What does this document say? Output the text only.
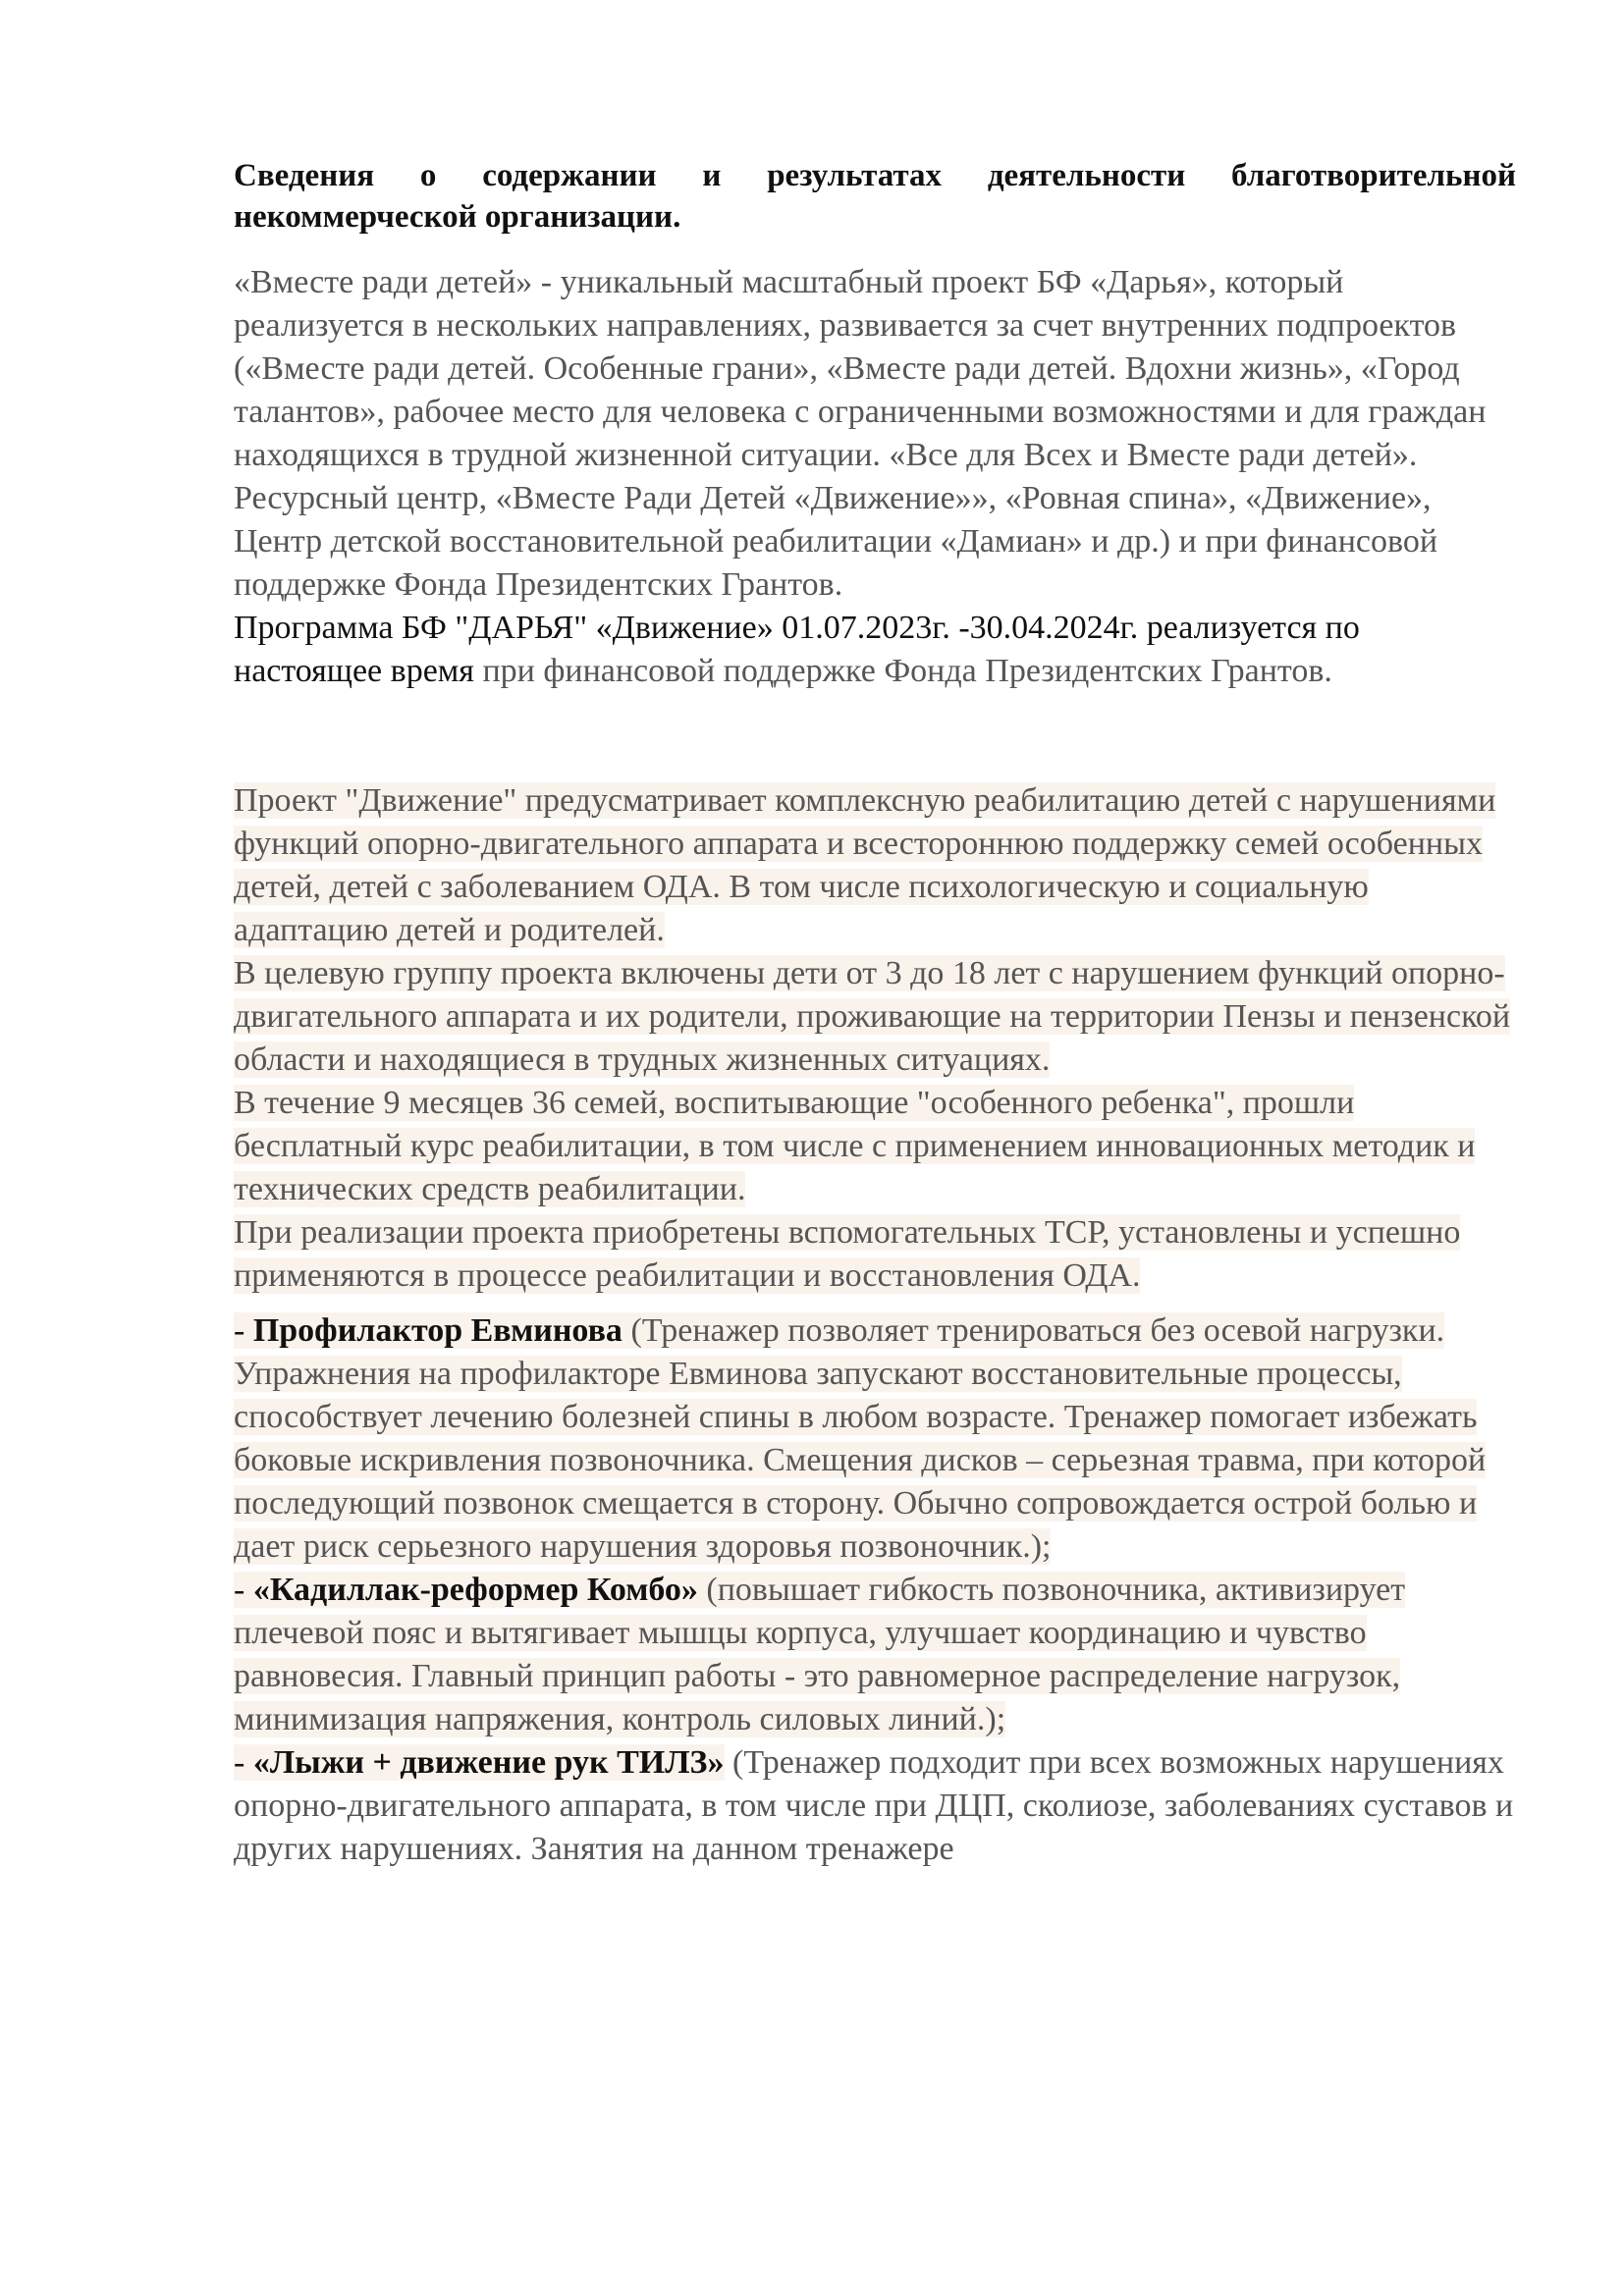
Сведения о содержании и результатах деятельности благотворительной некоммерческой организации.

«Вместе ради детей» - уникальный масштабный проект БФ «Дарья», который реализуется в нескольких направлениях, развивается за счет внутренних подпроектов («Вместе ради детей. Особенные грани», «Вместе ради детей. Вдохни жизнь», «Город талантов», рабочее место для человека с ограниченными возможностями и для граждан находящихся в трудной жизненной ситуации. «Все для Всех и Вместе ради детей». Ресурсный центр, «Вместе Ради Детей «Движение»», «Ровная спина», «Движение», Центр детской восстановительной реабилитации «Дамиан» и др.) и при финансовой поддержке Фонда Президентских Грантов.

Программа БФ "ДАРЬЯ" «Движение» 01.07.2023г. -30.04.2024г. реализуется по настоящее время при финансовой поддержке Фонда Президентских Грантов.

Проект "Движение" предусматривает комплексную реабилитацию детей с нарушениями функций опорно-двигательного аппарата и всестороннюю поддержку семей особенных детей, детей с заболеванием ОДА. В том числе психологическую и социальную адаптацию детей и родителей.

В целевую группу проекта включены дети от 3 до 18 лет с нарушением функций опорно-двигательного аппарата и их родители, проживающие на территории Пензы и пензенской области и находящиеся в трудных жизненных ситуациях.

В течение 9 месяцев 36 семей, воспитывающие "особенного ребенка", прошли бесплатный курс реабилитации, в том числе с применением инновационных методик и технических средств реабилитации.

При реализации проекта приобретены вспомогательных ТСР, установлены и успешно применяются в процессе реабилитации и восстановления ОДА.

- Профилактор Евминова (Тренажер позволяет тренироваться без осевой нагрузки. Упражнения на профилакторе Евминова запускают восстановительные процессы, способствует лечению болезней спины в любом возрасте. Тренажер помогает избежать боковые искривления позвоночника. Смещения дисков – серьезная травма, при которой последующий позвонок смещается в сторону. Обычно сопровождается острой болью и дает риск серьезного нарушения здоровья позвоночник.);

- «Кадиллак-реформер Комбо» (повышает гибкость позвоночника, активизирует плечевой пояс и вытягивает мышцы корпуса, улучшает координацию и чувство равновесия. Главный принцип работы - это равномерное распределение нагрузок, минимизация напряжения, контроль силовых линий.);

- «Лыжи + движение рук ТИЛЗ» (Тренажер подходит при всех возможных нарушениях опорно-двигательного аппарата, в том числе при ДЦП, сколиозе, заболеваниях суставов и других нарушениях. Занятия на данном тренажере
